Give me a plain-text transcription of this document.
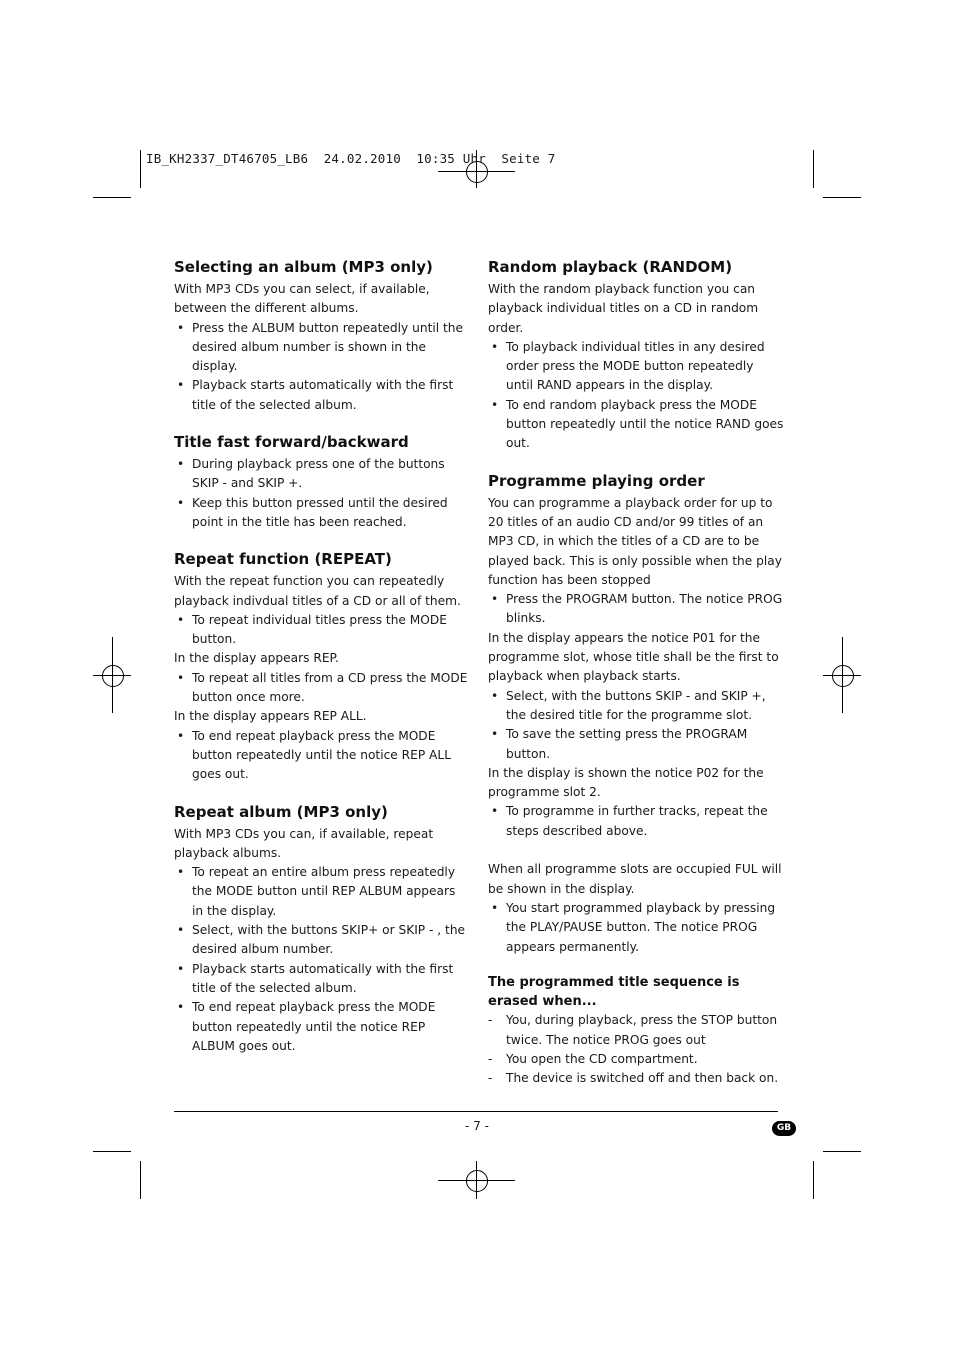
IB_KH2337_DT46705_LB6  24.02.2010  10:35 Uhr  Seite 7
Selecting an album (MP3 only)

With MP3 CDs you can select, if available, between the different albums.

• Press the ALBUM button repeatedly until the desired album number is shown in the display.
• Playback starts automatically with the first title of the selected album.
Title fast forward/backward
• During playback press one of the buttons SKIP - and SKIP +.
• Keep this button pressed until the desired point in the title has been reached.
Repeat function (REPEAT)

With the repeat function you can repeatedly playback indivdual titles of a CD or all of them.

• To repeat individual titles press the MODE button.

In the display appears REP.

• To repeat all titles from a CD press the MODE button once more.

In the display appears REP ALL.

• To end repeat playback press the MODE button repeatedly until the notice REP ALL goes out.
Repeat album (MP3 only)

With MP3 CDs you can, if available, repeat playback albums.

• To repeat an entire album press repeatedly the MODE button until REP ALBUM appears in the display.
• Select, with the buttons SKIP+ or SKIP - , the desired album number.
• Playback starts automatically with the first title of the selected album.
• To end repeat playback press the MODE button repeatedly until the notice REP ALBUM goes out.
Random playback (RANDOM)

With the random playback function you can playback individual titles on a CD in random order.

• To playback individual titles in any desired order press the MODE button repeatedly until RAND appears in the display.
• To end random playback press the MODE button repeatedly until the notice RAND goes out.
Programme playing order

You can programme a playback order for up to 20 titles of an audio CD and/or 99 titles of an MP3 CD, in which the titles of a CD are to be played back. This is only possible when the play function has been stopped

• Press the PROGRAM button. The notice PROG blinks.

In the display appears the notice P01 for the programme slot, whose title shall be the first to playback when playback starts.

• Select, with the buttons SKIP - and SKIP +, the desired title for the programme slot.
• To save the setting press the PROGRAM button.

In the display is shown the notice P02 for the programme slot 2.

• To programme in further tracks, repeat the steps described above.

When all programme slots are occupied FUL will be shown in the display.

• You start programmed playback by pressing the PLAY/PAUSE button. The notice PROG appears permanently.
The programmed title sequence is erased when...
- You, during playback, press the STOP button twice. The notice PROG goes out
- You open the CD compartment.
- The device is switched off and then back on.
- 7 -	GB
